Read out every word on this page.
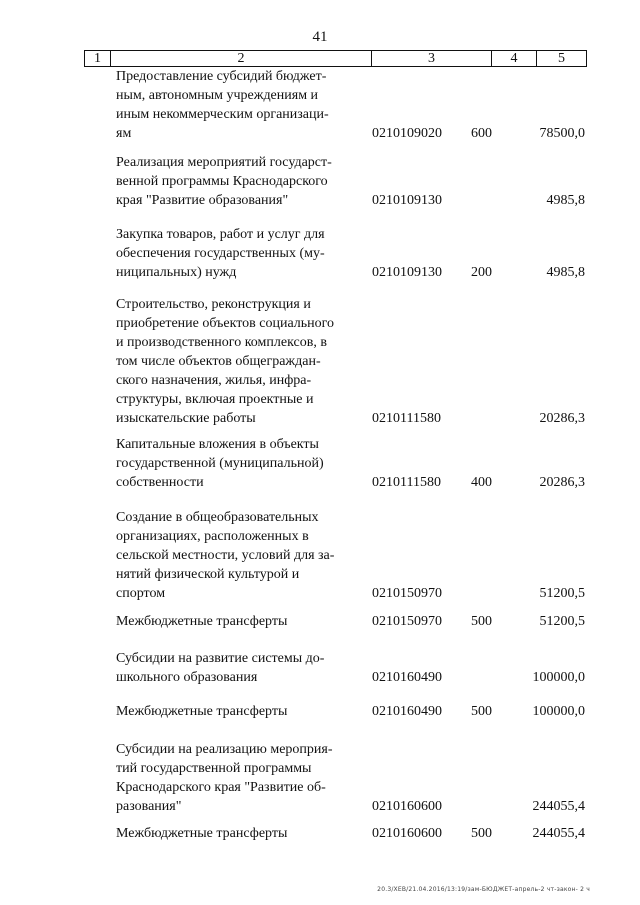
41
1	2	3	4	5
Предоставление субсидий бюджет-
ным, автономным учреждениям и
иным некоммерческим организаци-
ям	0210109020 600	78500,0
Реализация мероприятий государст-
венной программы Краснодарского
края "Развитие образования"	0210109130	4985,8
Закупка товаров, работ и услуг для
обеспечения государственных (му-
ниципальных) нужд	0210109130 200	4985,8
Строительство, реконструкция и
приобретение объектов социального
и производственного комплексов, в
том числе объектов общеграждан-
ского назначения, жилья, инфра-
структуры, включая проектные и
изыскательские работы	0210111580	20286,3
Капитальные вложения в объекты
государственной (муниципальной)
собственности	0210111580 400	20286,3
Создание в общеобразовательных
организациях, расположенных в
сельской местности, условий для за-
нятий физической культурой и
спортом	0210150970	51200,5
Межбюджетные трансферты	0210150970 500	51200,5
Субсидии на развитие системы до-
школьного образования	0210160490	100000,0
Межбюджетные трансферты	0210160490 500	100000,0
Субсидии на реализацию мероприя-
тий государственной программы
Краснодарского края "Развитие об-
разования"	0210160600	244055,4
Межбюджетные трансферты	0210160600 500	244055,4
20.3/XEB/21.04.2016/13:19/зам-БЮДЖЕТ-апрель-2 чт-закон- 2 ч
